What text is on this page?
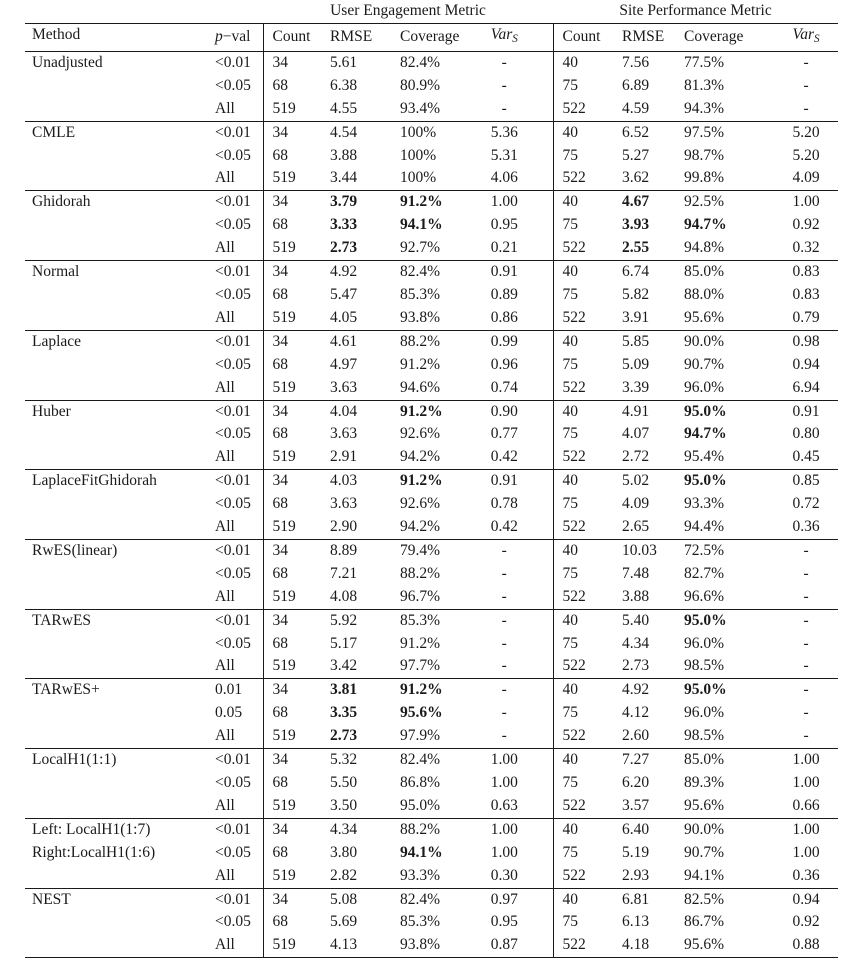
		User Engagement Metric				Site Performance Metric			
Method	p−val	Count	RMSE	Coverage	Var$_S$	Count	RMSE	Coverage	Var$_S$

Unadjusted	<0.01	34	5.61	82.4%	-	40	7.56	77.5%	-
	<0.05	68	6.38	80.9%	-	75	6.89	81.3%	-
	All	519	4.55	93.4%	-	522	4.59	94.3%	-

CMLE	<0.01	34	4.54	100%	5.36	40	6.52	97.5%	5.20
	<0.05	68	3.88	100%	5.31	75	5.27	98.7%	5.20
	All	519	3.44	100%	4.06	522	3.62	99.8%	4.09

Ghidorah	<0.01	34	3.79	91.2%	1.00	40	4.67	92.5%	1.00
	<0.05	68	3.33	94.1%	0.95	75	3.93	94.7%	0.92
	All	519	2.73	92.7%	0.21	522	2.55	94.8%	0.32

Normal	<0.01	34	4.92	82.4%	0.91	40	6.74	85.0%	0.83
	<0.05	68	5.47	85.3%	0.89	75	5.82	88.0%	0.83
	All	519	4.05	93.8%	0.86	522	3.91	95.6%	0.79

Laplace	<0.01	34	4.61	88.2%	0.99	40	5.85	90.0%	0.98
	<0.05	68	4.97	91.2%	0.96	75	5.09	90.7%	0.94
	All	519	3.63	94.6%	0.74	522	3.39	96.0%	6.94

Huber	<0.01	34	4.04	91.2%	0.90	40	4.91	95.0%	0.91
	<0.05	68	3.63	92.6%	0.77	75	4.07	94.7%	0.80
	All	519	2.91	94.2%	0.42	522	2.72	95.4%	0.45

LaplaceFitGhidorah	<0.01	34	4.03	91.2%	0.91	40	5.02	95.0%	0.85
	<0.05	68	3.63	92.6%	0.78	75	4.09	93.3%	0.72
	All	519	2.90	94.2%	0.42	522	2.65	94.4%	0.36

RwES(linear)	<0.01	34	8.89	79.4%	-	40	10.03	72.5%	-
	<0.05	68	7.21	88.2%	-	75	7.48	82.7%	-
	All	519	4.08	96.7%	-	522	3.88	96.6%	-

TARwES	<0.01	34	5.92	85.3%	-	40	5.40	95.0%	-
	<0.05	68	5.17	91.2%	-	75	4.34	96.0%	-
	All	519	3.42	97.7%	-	522	2.73	98.5%	-

TARwES+	0.01	34	3.81	91.2%	-	40	4.92	95.0%	-
	0.05	68	3.35	95.6%	-	75	4.12	96.0%	-
	All	519	2.73	97.9%	-	522	2.60	98.5%	-

LocalH1(1:1)	<0.01	34	5.32	82.4%	1.00	40	7.27	85.0%	1.00
	<0.05	68	5.50	86.8%	1.00	75	6.20	89.3%	1.00
	All	519	3.50	95.0%	0.63	522	3.57	95.6%	0.66

Left: LocalH1(1:7)
Right:LocalH1(1:6)	<0.01	34	4.34	88.2%	1.00	40	6.40	90.0%	1.00
	<0.05	68	3.80	94.1%	1.00	75	5.19	90.7%	1.00
	All	519	2.82	93.3%	0.30	522	2.93	94.1%	0.36

NEST	<0.01	34	5.08	82.4%	0.97	40	6.81	82.5%	0.94
	<0.05	68	5.69	85.3%	0.95	75	6.13	86.7%	0.92
	All	519	4.13	93.8%	0.87	522	4.18	95.6%	0.88
